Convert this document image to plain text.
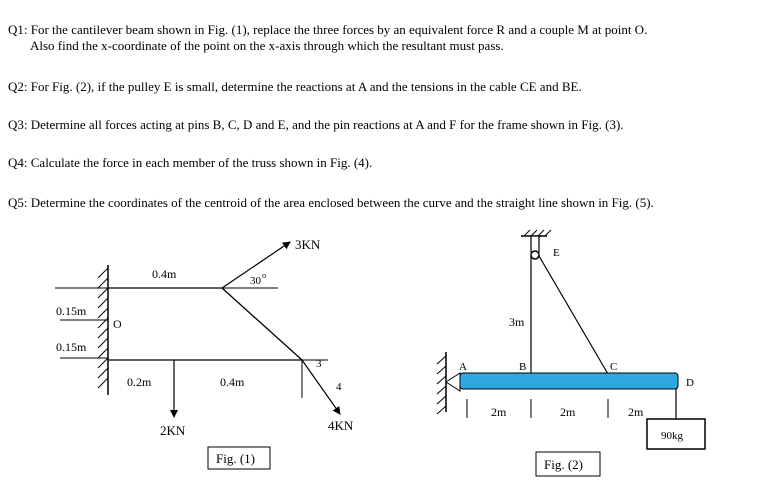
Q1: For the cantilever beam shown in Fig. (1), replace the three forces by an equivalent force R and a couple M at point O.
Also find the x-coordinate of the point on the x-axis through which the resultant must pass.
Q2: For Fig. (2), if the pulley E is small, determine the reactions at A and the tensions in the cable CE and BE.
Q3: Determine all forces acting at pins B, C, D and E, and the pin reactions at A and F for the frame shown in Fig. (3).
Q4: Calculate the force in each member of the truss shown in Fig. (4).
Q5: Determine the coordinates of the centroid of the area enclosed between the curve and the straight line shown in Fig. (5).
0.15m
0.15m
O
0.4m	30 o
3KN
2KN
0.2m	0.4m
3
4
4KN
Fig. (1)
E
3m
A	B	C
D
2m	2m	2m
90kg
Fig. (2)
